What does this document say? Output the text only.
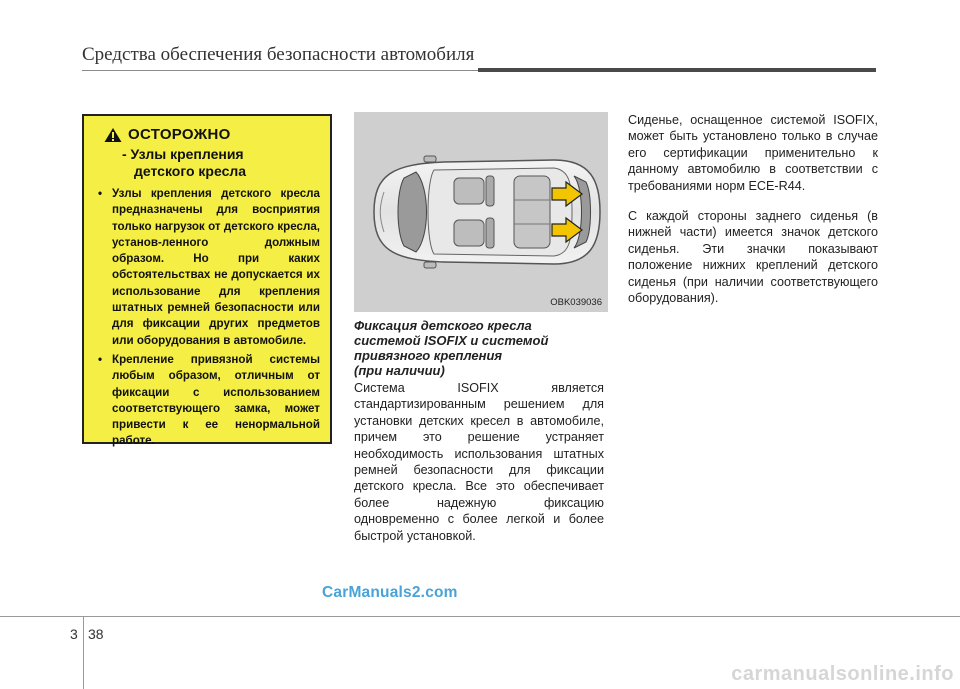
Средства обеспечения безопасности автомобиля
ОСТОРОЖНО
- Узлы крепления
детского кресла
• Узлы крепления детского кресла предназначены для восприятия только нагрузок от детского кресла, установ-ленного должным образом. Но при каких обстоятельствах не допускается их использование для крепления штатных ремней безопасности или для фиксации других предметов или оборудования в автомобиле.
• Крепление привязной системы любым образом, отличным от фиксации с использованием соответствующего замка, может привести к ее ненормальной работе.
OBK039036
Фиксация детского кресла
системой ISOFIX и системой
привязного крепления
(при наличии)
Система ISOFIX является стандартизированным решением для установки детских кресел в автомобиле, причем это решение устраняет необходимость использования штатных ремней безопасности для фиксации детского кресла. Все это обеспечивает более надежную фиксацию одновременно с более легкой и более быстрой установкой.

Сиденье, оснащенное системой ISOFIX, может быть установлено только в случае его сертификации применительно к данному автомобилю в соответствии с требованиями норм ECE-R44.

С каждой стороны заднего сиденья (в нижней части) имеется значок детского сиденья. Эти значки показывают положение нижних креплений детского сиденья (при наличии соответствующего оборудования).

CarManuals2.com
3 38
carmanualsonline.info
